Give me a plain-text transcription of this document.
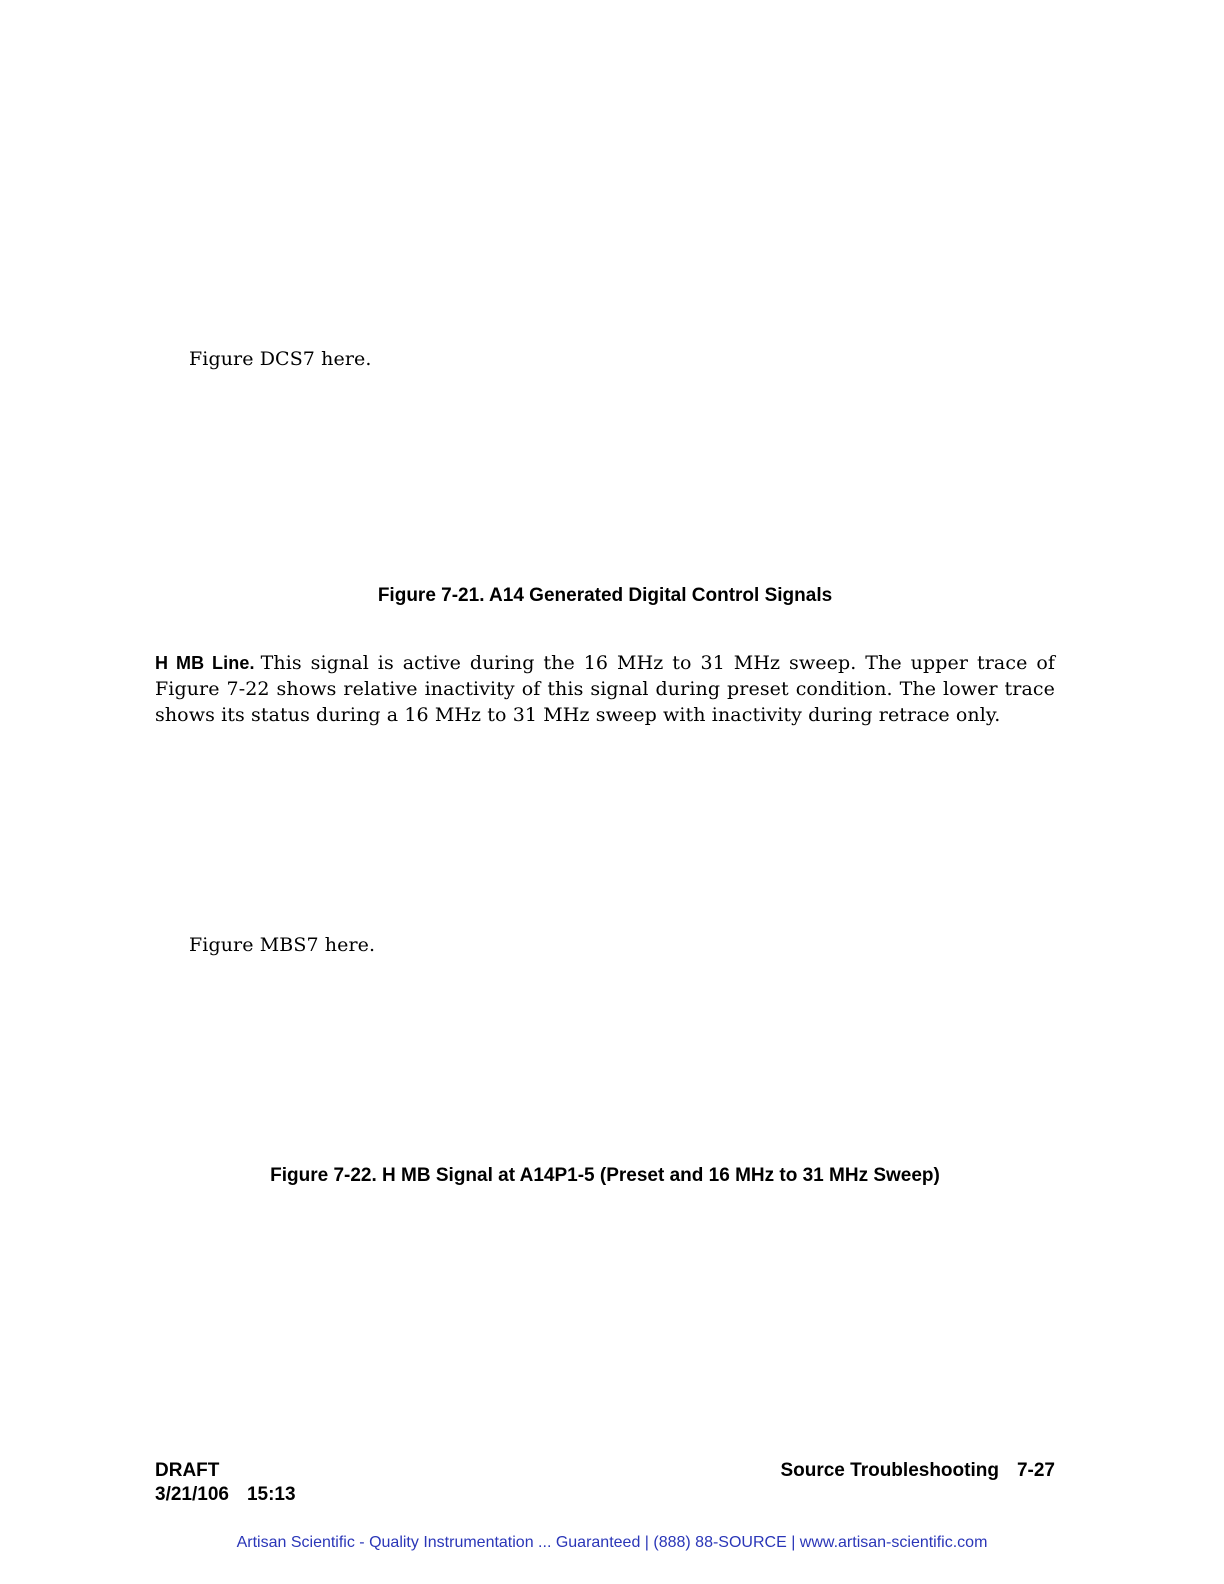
Figure DCS7 here.
Figure 7-21. A14 Generated Digital Control Signals
H MB Line. This signal is active during the 16 MHz to 31 MHz sweep. The upper trace of Figure 7-22 shows relative inactivity of this signal during preset condition. The lower trace shows its status during a 16 MHz to 31 MHz sweep with inactivity during retrace only.
Figure MBS7 here.
Figure 7-22. H MB Signal at A14P1-5 (Preset and 16 MHz to 31 MHz Sweep)
DRAFT
3/21/106 15:13
Source Troubleshooting 7-27
Artisan Scientific - Quality Instrumentation ... Guaranteed | (888) 88-SOURCE | www.artisan-scientific.com
